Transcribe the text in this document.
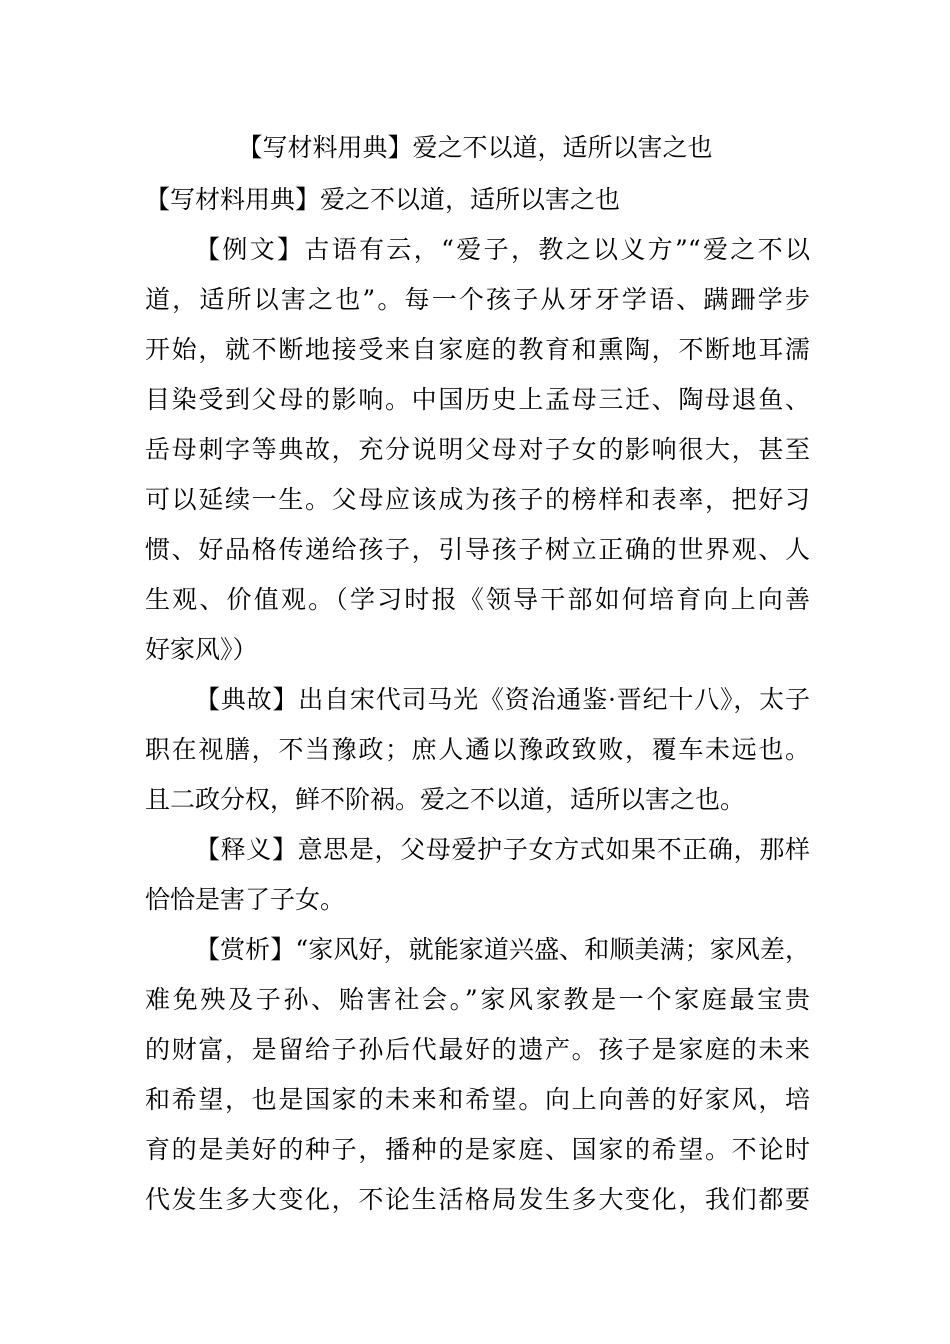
【写材料用典】爱之不以道，适所以害之也
【写材料用典】爱之不以道，适所以害之也
【例文】古语有云，“爱子，教之以义方”“爱之不以
道，适所以害之也”。每一个孩子从牙牙学语、蹒跚学步
开始，就不断地接受来自家庭的教育和熏陶，不断地耳濡
目染受到父母的影响。中国历史上孟母三迁、陶母退鱼、
岳母刺字等典故，充分说明父母对子女的影响很大，甚至
可以延续一生。父母应该成为孩子的榜样和表率，把好习
惯、好品格传递给孩子，引导孩子树立正确的世界观、人
生观、价值观。（学习时报《领导干部如何培育向上向善
好家风》）
【典故】出自宋代司马光《资治通鉴·晋纪十八》，太子
职在视膳，不当豫政；庶人遹以豫政致败，覆车未远也。
且二政分权，鲜不阶祸。爱之不以道，适所以害之也。
【释义】意思是，父母爱护子女方式如果不正确，那样
恰恰是害了子女。
【赏析】“家风好，就能家道兴盛、和顺美满；家风差，
难免殃及子孙、贻害社会。”家风家教是一个家庭最宝贵
的财富，是留给子孙后代最好的遗产。孩子是家庭的未来
和希望，也是国家的未来和希望。向上向善的好家风，培
育的是美好的种子，播种的是家庭、国家的希望。不论时
代发生多大变化，不论生活格局发生多大变化，我们都要
